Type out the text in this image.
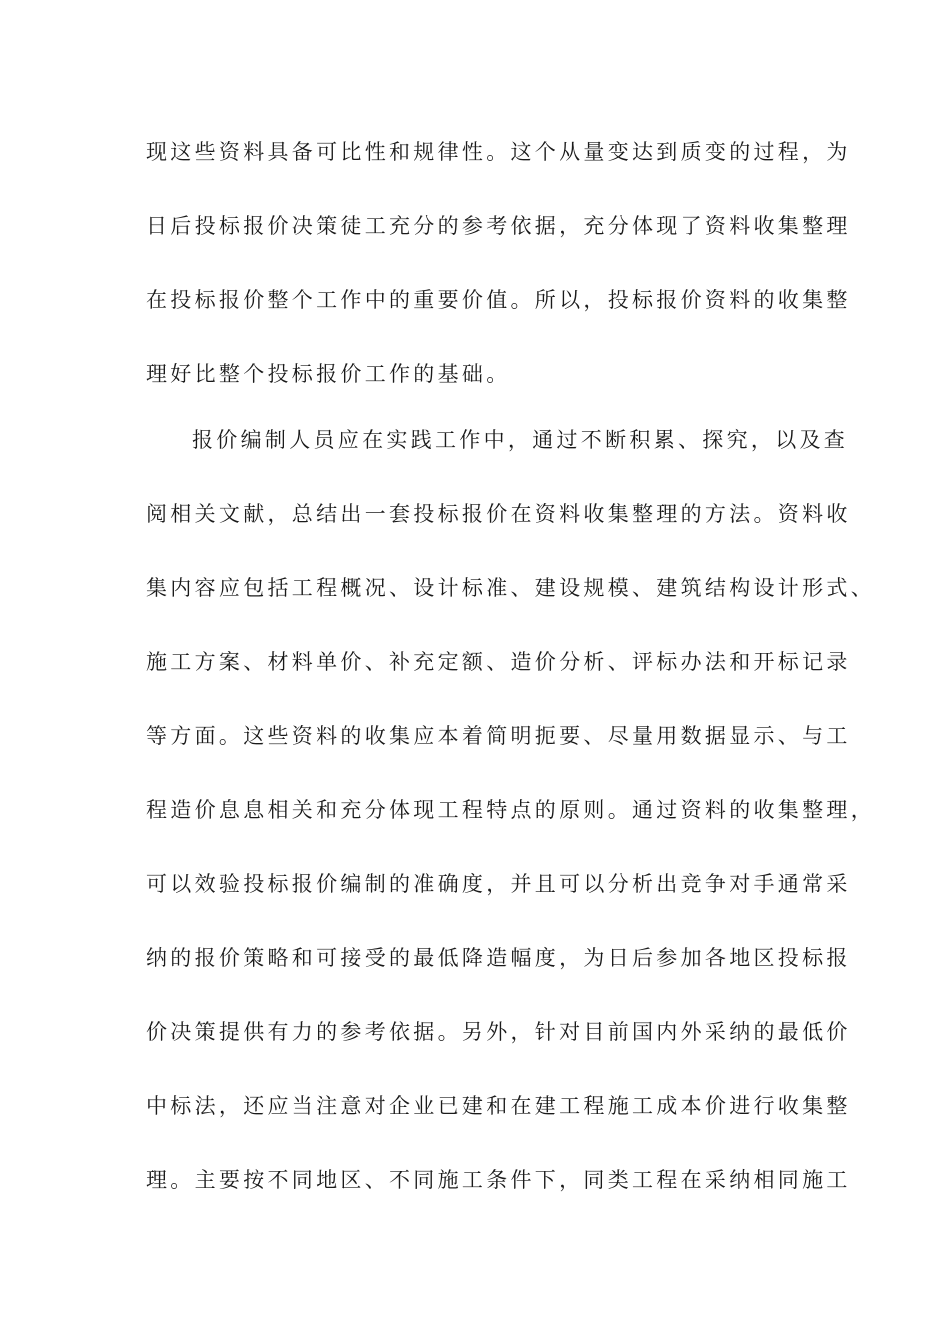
现这些资料具备可比性和规律性。这个从量变达到质变的过程，为
日后投标报价决策徒工充分的参考依据，充分体现了资料收集整理
在投标报价整个工作中的重要价值。所以，投标报价资料的收集整
理好比整个投标报价工作的基础。
报价编制人员应在实践工作中，通过不断积累、探究，以及查
阅相关文献，总结出一套投标报价在资料收集整理的方法。资料收
集内容应包括工程概况、设计标准、建设规模、建筑结构设计形式、
施工方案、材料单价、补充定额、造价分析、评标办法和开标记录
等方面。这些资料的收集应本着简明扼要、尽量用数据显示、与工
程造价息息相关和充分体现工程特点的原则。通过资料的收集整理，
可以效验投标报价编制的准确度，并且可以分析出竞争对手通常采
纳的报价策略和可接受的最低降造幅度，为日后参加各地区投标报
价决策提供有力的参考依据。另外，针对目前国内外采纳的最低价
中标法，还应当注意对企业已建和在建工程施工成本价进行收集整
理。主要按不同地区、不同施工条件下，同类工程在采纳相同施工
